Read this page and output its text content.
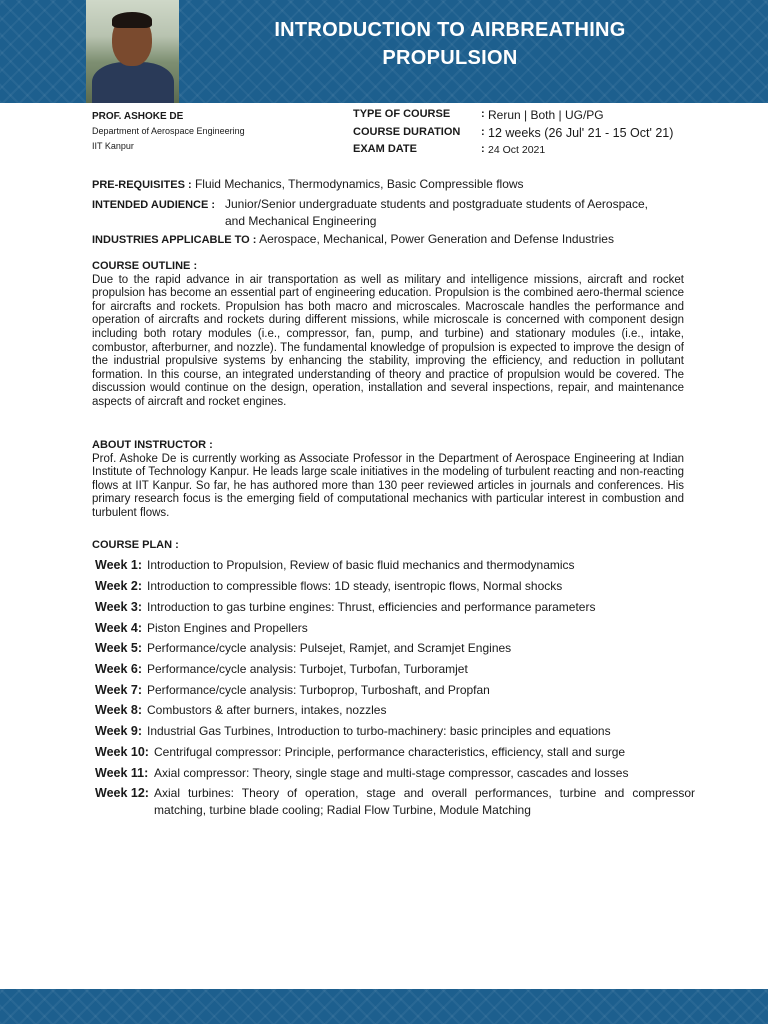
INTRODUCTION TO AIRBREATHING
PROPULSION
PROF. ASHOKE DE
Department of Aerospace Engineering
IIT Kanpur
TYPE OF COURSE	: Rerun | Both | UG/PG
COURSE DURATION : 12 weeks (26 Jul' 21 - 15 Oct' 21)
EXAM DATE	: 24 Oct 2021
PRE-REQUISITES : Fluid Mechanics, Thermodynamics, Basic Compressible flows
INTENDED AUDIENCE : Junior/Senior undergraduate students and postgraduate students of Aerospace,
and Mechanical Engineering
INDUSTRIES APPLICABLE TO : Aerospace, Mechanical, Power Generation and Defense Industries
COURSE OUTLINE :
Due to the rapid advance in air transportation as well as military and intelligence missions, aircraft and rocket propulsion has become an essential part of engineering education. Propulsion is the combined aero-thermal science for aircrafts and rockets. Propulsion has both macro and microscales. Macroscale handles the performance and operation of aircrafts and rockets during different missions, while microscale is concerned with component design including both rotary modules (i.e., compressor, fan, pump, and turbine) and stationary modules (i.e., intake, combustor, afterburner, and nozzle). The fundamental knowledge of propulsion is expected to improve the design of the industrial propulsive systems by enhancing the stability, improving the efficiency, and reduction in pollutant formation. In this course, an integrated understanding of theory and practice of propulsion would be covered. The discussion would continue on the design, operation, installation and several inspections, repair, and maintenance aspects of aircraft and rocket engines.
ABOUT INSTRUCTOR :
Prof. Ashoke De is currently working as Associate Professor in the Department of Aerospace Engineering at Indian Institute of Technology Kanpur. He leads large scale initiatives in the modeling of turbulent reacting and non-reacting flows at IIT Kanpur. So far, he has authored more than 130 peer reviewed articles in journals and conferences. His primary research focus is the emerging field of computational mechanics with particular interest in combustion and turbulent flows.
COURSE PLAN :
Week 1: Introduction to Propulsion, Review of basic fluid mechanics and thermodynamics
Week 2: Introduction to compressible flows: 1D steady, isentropic flows, Normal shocks
Week 3: Introduction to gas turbine engines: Thrust, efficiencies and performance parameters
Week 4: Piston Engines and Propellers
Week 5: Performance/cycle analysis: Pulsejet, Ramjet, and Scramjet Engines
Week 6: Performance/cycle analysis: Turbojet, Turbofan, Turboramjet
Week 7: Performance/cycle analysis: Turboprop, Turboshaft, and Propfan
Week 8: Combustors & after burners, intakes, nozzles
Week 9: Industrial Gas Turbines, Introduction to turbo-machinery: basic principles and equations
Week 10: Centrifugal compressor: Principle, performance characteristics, efficiency, stall and surge
Week 11: Axial compressor: Theory, single stage and multi-stage compressor, cascades and losses
Week 12: Axial turbines: Theory of operation, stage and overall performances, turbine and compressor matching, turbine blade cooling; Radial Flow Turbine, Module Matching
